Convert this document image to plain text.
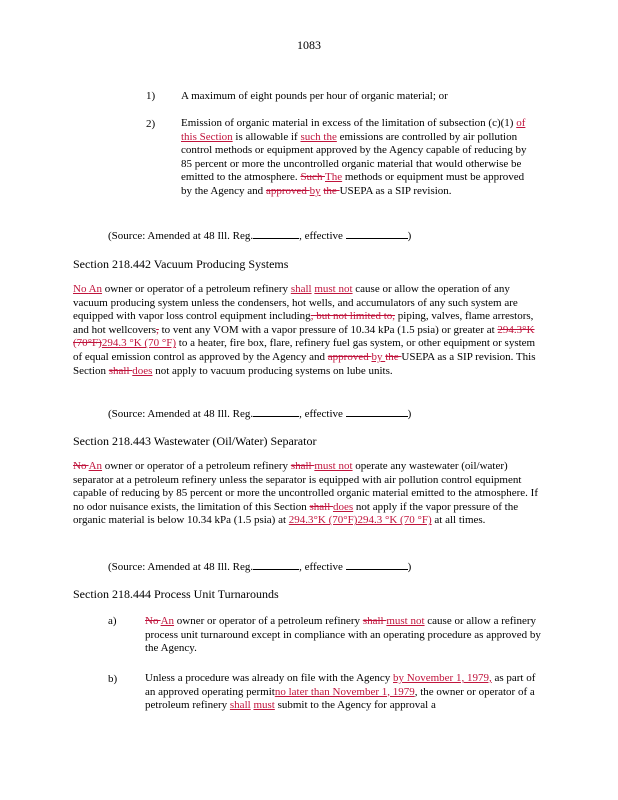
1083
1) A maximum of eight pounds per hour of organic material; or
2) Emission of organic material in excess of the limitation of subsection (c)(1) of this Section is allowable if such the emissions are controlled by air pollution control methods or equipment approved by the Agency capable of reducing by 85 percent or more the uncontrolled organic material that would otherwise be emitted to the atmosphere. Such The methods or equipment must be approved by the Agency and approved by the USEPA as a SIP revision.
(Source: Amended at 48 Ill. Reg.	, effective	)
Section 218.442 Vacuum Producing Systems
No An owner or operator of a petroleum refinery shall must not cause or allow the operation of any vacuum producing system unless the condensers, hot wells, and accumulators of any such system are equipped with vapor loss control equipment including, but not limited to, piping, valves, flame arrestors, and hot wellcovers, to vent any VOM with a vapor pressure of 10.34 kPa (1.5 psia) or greater at 294.3°K (70°F)294.3 °K (70 °F) to a heater, fire box, flare, refinery fuel gas system, or other equipment or system of equal emission control as approved by the Agency and approved by the USEPA as a SIP revision. This Section shall does not apply to vacuum producing systems on lube units.
(Source: Amended at 48 Ill. Reg.	, effective	)
Section 218.443 Wastewater (Oil/Water) Separator
No An owner or operator of a petroleum refinery shall must not operate any wastewater (oil/water) separator at a petroleum refinery unless the separator is equipped with air pollution control equipment capable of reducing by 85 percent or more the uncontrolled organic material emitted to the atmosphere. If no odor nuisance exists, the limitation of this Section shall does not apply if the vapor pressure of the organic material is below 10.34 kPa (1.5 psia) at 294.3°K (70°F)294.3 °K (70 °F) at all times.
(Source: Amended at 48 Ill. Reg.	, effective	)
Section 218.444 Process Unit Turnarounds
a)	No An owner or operator of a petroleum refinery shall must not cause or allow a refinery process unit turnaround except in compliance with an operating procedure as approved by the Agency.
b)	Unless a procedure was already on file with the Agency by November 1, 1979, as part of an approved operating permitno later than November 1, 1979, the owner or operator of a petroleum refinery shall must submit to the Agency for approval a
